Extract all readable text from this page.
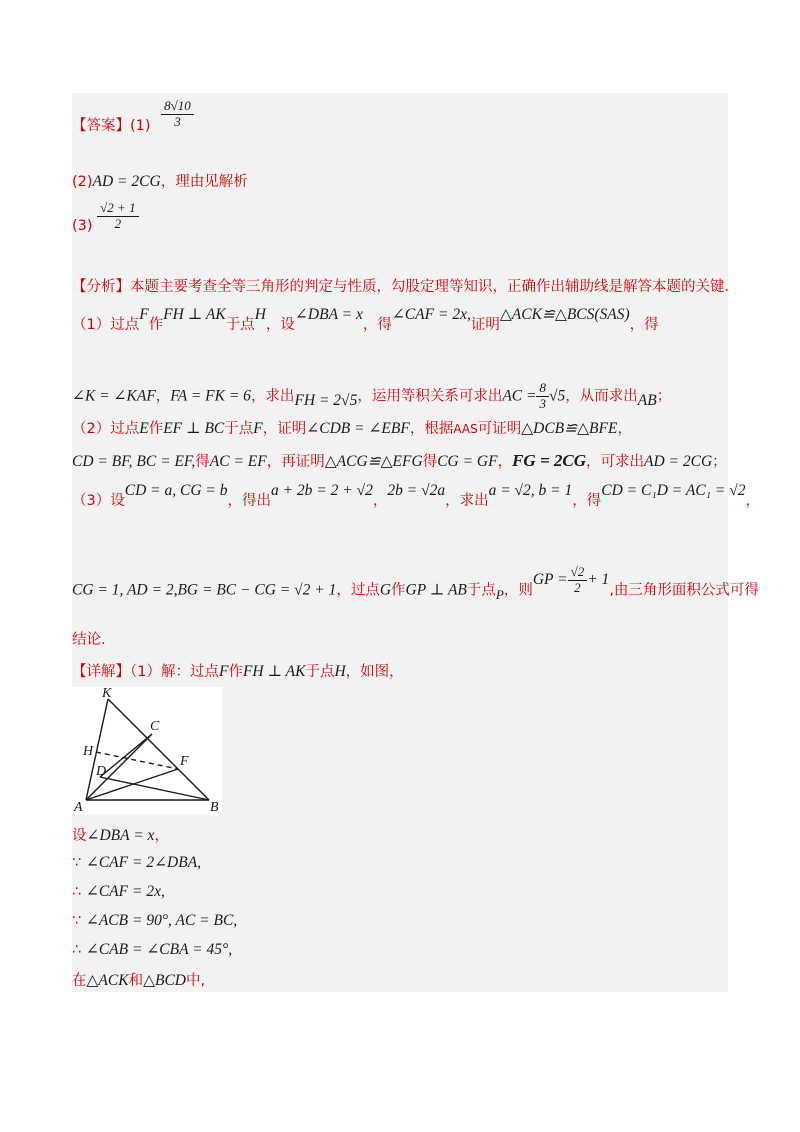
【答案】$(1) \frac{8√10}{3}$
(2)AD = 2CG，理由见解析
$(3) \frac{√2 + 1}{2}$
【分析】本题主要考查全等三角形的判定与性质，勾股定理等知识，正确作出辅助线是解答本题的关键.
（1）过点F作FH ⊥ AK于点H，设∠DBA = x，得∠CAF = 2x,证明△ACK≌△BCS(SAS)，得
∠K = ∠KAF，FA = FK = 6，求出FH = 2√5，运用等积关系可求出AC = $\frac{8}{3} √5$，从而求出AB；
（2）过点E作EF ⊥ BC于点F，证明∠CDB = ∠EBF，根据AAS可证明△DCB≌△BFE，
CD = BF, BC = EF,得AC = EF，再证明△ACG≌△EFG得CG = GF，FG = 2CG，可求出AD = 2CG；
（3）设CD = a, CG = b，得出a + 2b = 2 + √2，2b = √2a，求出a = √2, b = 1，得CD = C₁D = AC₁ = √2，
CG = 1, AD = 2,BG = BC − CG = √2 + 1，过点G作GP ⊥ AB于点P，则GP = $\frac{√2}{2} + 1$,由三角形面积公式可得
结论.
【详解】（1）解：过点F作FH ⊥ AK于点H，如图，
K
C
H
F
D
A	B
设∠DBA = x，
∵ ∠CAF = 2∠DBA,
∴ ∠CAF = 2x,
∵ ∠ACB = 90°, AC = BC,
∴ ∠CAB = ∠CBA = 45°,
在△ACK和△BCD中,
